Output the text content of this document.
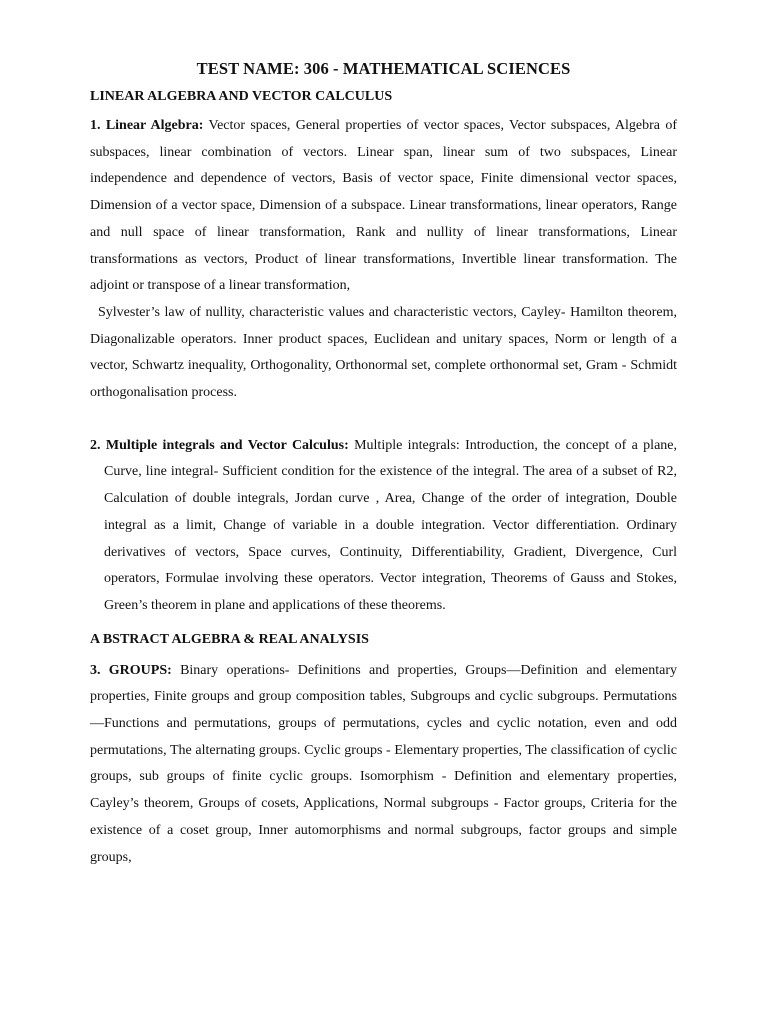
TEST NAME: 306 - MATHEMATICAL SCIENCES
LINEAR ALGEBRA AND VECTOR CALCULUS

1. Linear Algebra: Vector spaces, General properties of vector spaces, Vector subspaces, Algebra of subspaces, linear combination of vectors. Linear span, linear sum of two subspaces, Linear independence and dependence of vectors, Basis of vector space, Finite dimensional vector spaces, Dimension of a vector space, Dimension of a subspace. Linear transformations, linear operators, Range and null space of linear transformation, Rank and nullity of linear transformations, Linear transformations as vectors, Product of linear transformations, Invertible linear transformation. The adjoint or transpose of a linear transformation,

Sylvester’s law of nullity, characteristic values and characteristic vectors, Cayley- Hamilton theorem, Diagonalizable operators. Inner product spaces, Euclidean and unitary spaces, Norm or length of a vector, Schwartz inequality, Orthogonality, Orthonormal set, complete orthonormal set, Gram - Schmidt orthogonalisation process.

2. Multiple integrals and Vector Calculus: Multiple integrals: Introduction, the concept of a plane, Curve, line integral- Sufficient condition for the existence of the integral. The area of a subset of R2, Calculation of double integrals, Jordan curve , Area, Change of the order of integration, Double integral as a limit, Change of variable in a double integration. Vector differentiation. Ordinary derivatives of vectors, Space curves, Continuity, Differentiability, Gradient, Divergence, Curl operators, Formulae involving these operators. Vector integration, Theorems of Gauss and Stokes, Green’s theorem in plane and applications of these theorems.

A BSTRACT ALGEBRA & REAL ANALYSIS

3. GROUPS: Binary operations- Definitions and properties, Groups—Definition and elementary properties, Finite groups and group composition tables, Subgroups and cyclic subgroups. Permutations—Functions and permutations, groups of permutations, cycles and cyclic notation, even and odd permutations, The alternating groups. Cyclic groups - Elementary properties, The classification of cyclic groups, sub groups of finite cyclic groups. Isomorphism - Definition and elementary properties, Cayley’s theorem, Groups of cosets, Applications, Normal subgroups - Factor groups, Criteria for the existence of a coset group, Inner automorphisms and normal subgroups, factor groups and simple groups,
